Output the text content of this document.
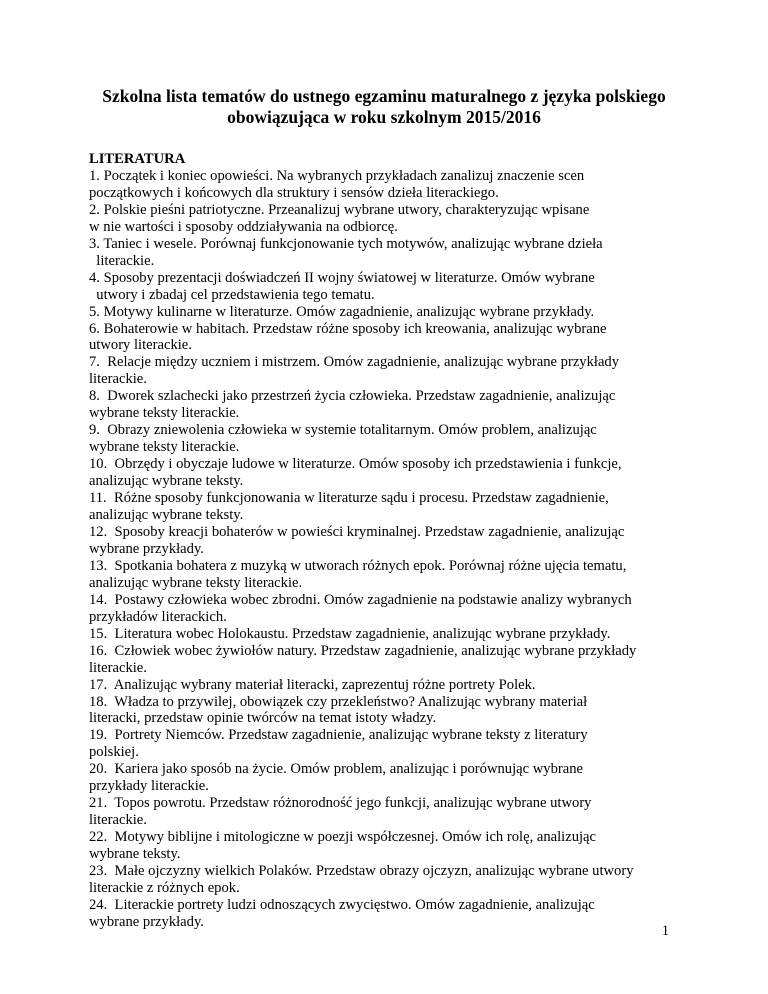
Szkolna lista tematów do ustnego egzaminu maturalnego z języka polskiego
obowiązująca w roku szkolnym 2015/2016
LITERATURA
1. Początek i koniec opowieści. Na wybranych przykładach zanalizuj znaczenie scen
początkowych i końcowych dla struktury i sensów dzieła literackiego.
2. Polskie pieśni patriotyczne. Przeanalizuj wybrane utwory, charakteryzując wpisane
w nie wartości i sposoby oddziaływania na odbiorcę.
3. Taniec i wesele. Porównaj funkcjonowanie tych motywów, analizując wybrane dzieła
literackie.
4. Sposoby prezentacji doświadczeń II wojny światowej w literaturze. Omów wybrane
utwory i zbadaj cel przedstawienia tego tematu.
5. Motywy kulinarne w literaturze. Omów zagadnienie, analizując wybrane przykłady.
6. Bohaterowie w habitach. Przedstaw różne sposoby ich kreowania, analizując wybrane
utwory literackie.
7.  Relacje między uczniem i mistrzem. Omów zagadnienie, analizując wybrane przykłady
literackie.
8.  Dworek szlachecki jako przestrzeń życia człowieka. Przedstaw zagadnienie, analizując
wybrane teksty literackie.
9.  Obrazy zniewolenia człowieka w systemie totalitarnym. Omów problem, analizując
wybrane teksty literackie.
10.  Obrzędy i obyczaje ludowe w literaturze. Omów sposoby ich przedstawienia i funkcje,
analizując wybrane teksty.
11.  Różne sposoby funkcjonowania w literaturze sądu i procesu. Przedstaw zagadnienie,
analizując wybrane teksty.
12.  Sposoby kreacji bohaterów w powieści kryminalnej. Przedstaw zagadnienie, analizując
wybrane przykłady.
13.  Spotkania bohatera z muzyką w utworach różnych epok. Porównaj różne ujęcia tematu,
analizując wybrane teksty literackie.
14.  Postawy człowieka wobec zbrodni. Omów zagadnienie na podstawie analizy wybranych
przykładów literackich.
15.  Literatura wobec Holokaustu. Przedstaw zagadnienie, analizując wybrane przykłady.
16.  Człowiek wobec żywiołów natury. Przedstaw zagadnienie, analizując wybrane przykłady
literackie.
17.  Analizując wybrany materiał literacki, zaprezentuj różne portrety Polek.
18.  Władza to przywilej, obowiązek czy przekleństwo? Analizując wybrany materiał
literacki, przedstaw opinie twórców na temat istoty władzy.
19.  Portrety Niemców. Przedstaw zagadnienie, analizując wybrane teksty z literatury
polskiej.
20.  Kariera jako sposób na życie. Omów problem, analizując i porównując wybrane
przykłady literackie.
21.  Topos powrotu. Przedstaw różnorodność jego funkcji, analizując wybrane utwory
literackie.
22.  Motywy biblijne i mitologiczne w poezji współczesnej. Omów ich rolę, analizując
wybrane teksty.
23.  Małe ojczyzny wielkich Polaków. Przedstaw obrazy ojczyzn, analizując wybrane utwory
literackie z różnych epok.
24.  Literackie portrety ludzi odnoszących zwycięstwo. Omów zagadnienie, analizując
wybrane przykłady.
1
